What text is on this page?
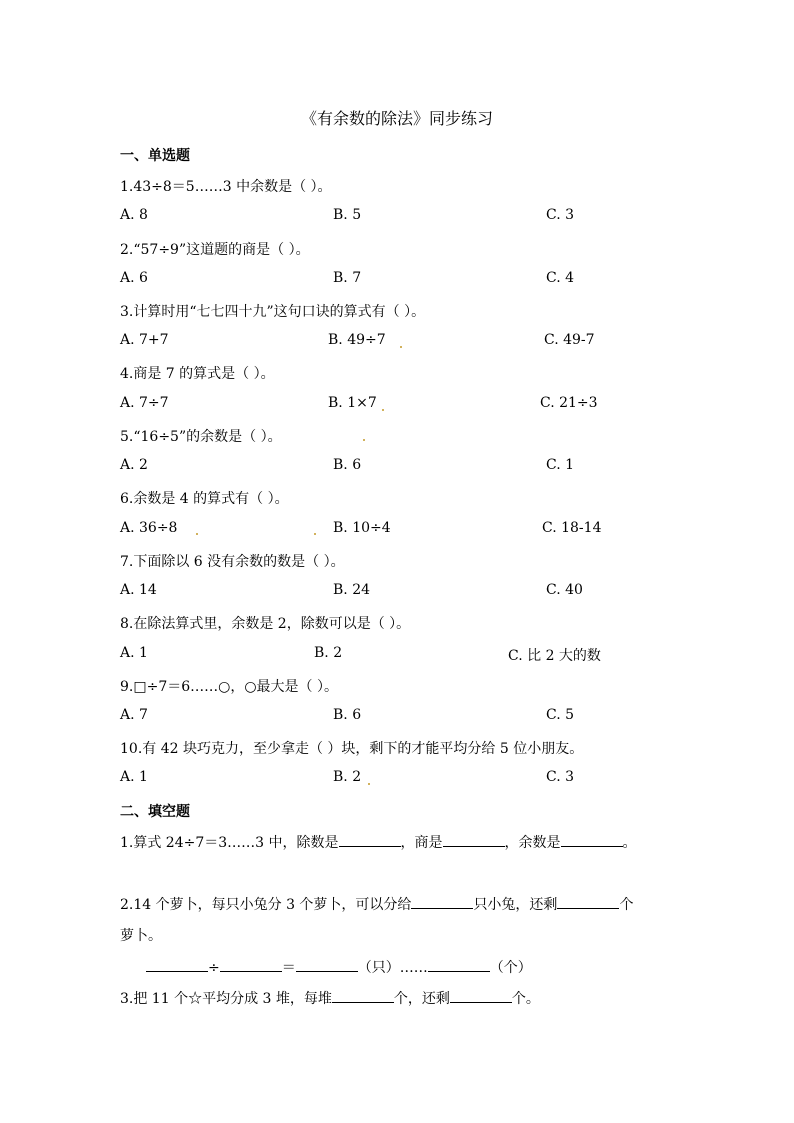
《有余数的除法》同步练习
一、单选题
1.43÷8＝5……3 中余数是（ ）。
A. 8	B. 5	C. 3
2.“57÷9”这道题的商是（ ）。
A. 6	B. 7	C. 4
3.计算时用“七七四十九”这句口诀的算式有（ ）。
A. 7+7	B. 49÷7	C. 49-7
4.商是 7 的算式是（ ）。
A. 7÷7	B. 1×7	C. 21÷3
5.“16÷5”的余数是（ ）。
A. 2	B. 6	C. 1
6.余数是 4 的算式有（ ）。
A. 36÷8	B. 10÷4	C. 18-14
7.下面除以 6 没有余数的数是（ ）。
A. 14	B. 24	C. 40
8.在除法算式里，余数是 2，除数可以是（ ）。
A. 1	B. 2	C. 比 2 大的数
9.□÷7＝6……○，○最大是（ ）。
A. 7	B. 6	C. 5
10.有 42 块巧克力，至少拿走（ ）块，剩下的才能平均分给 5 位小朋友。
A. 1	B. 2	C. 3
二、填空题
1.算式 24÷7＝3……3 中，除数是	，商是	，余数是	。
2.14 个萝卜，每只小兔分 3 个萝卜，可以分给	只小兔，还剩	个
萝卜。
÷	＝	（只）……	（个）
3.把 11 个☆平均分成 3 堆，每堆	个，还剩	个。
